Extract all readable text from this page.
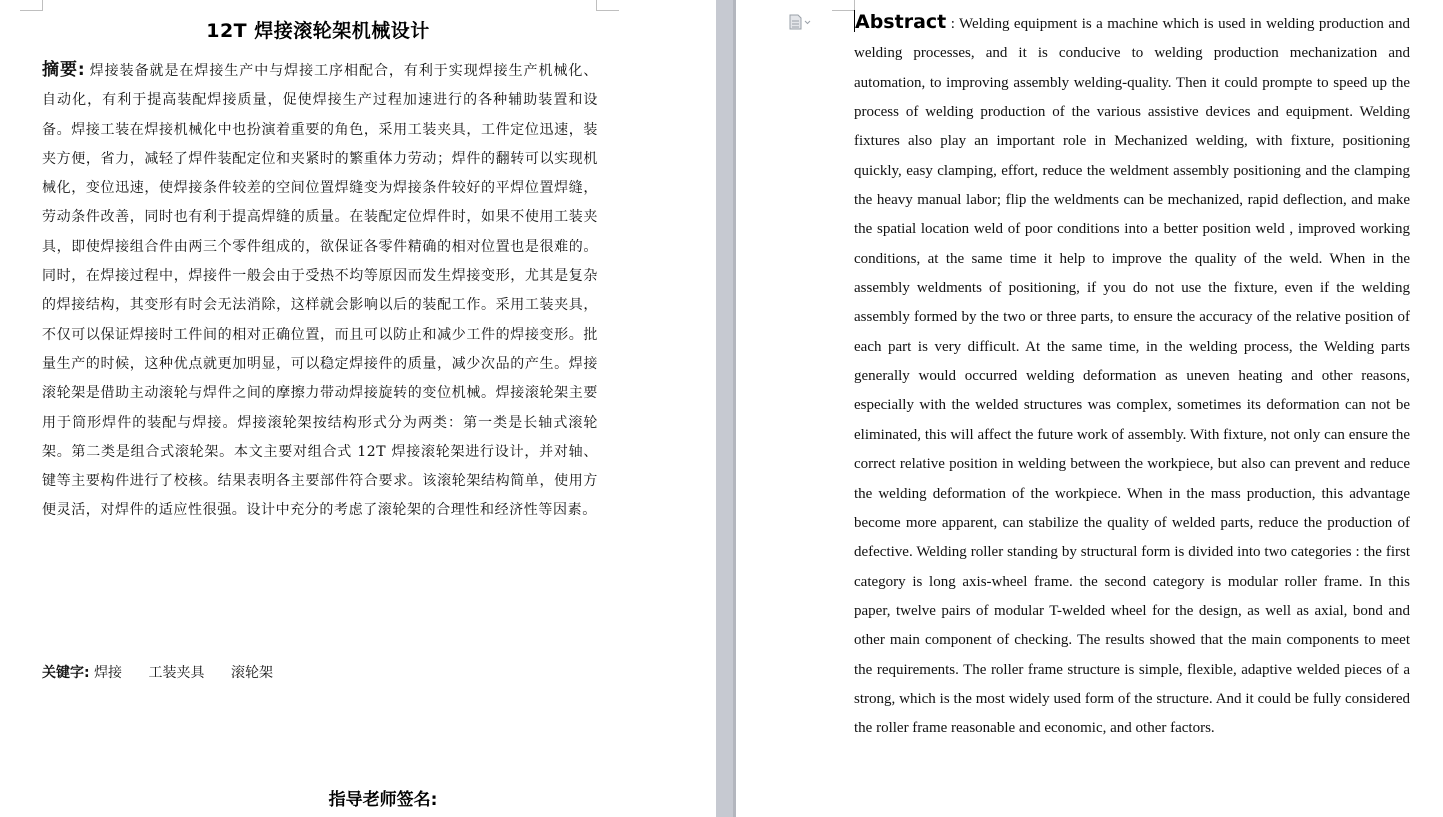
12T 焊接滚轮架机械设计
摘要: 焊接装备就是在焊接生产中与焊接工序相配合，有利于实现焊接生产机械化、自动化，有利于提高装配焊接质量，促使焊接生产过程加速进行的各种辅助装置和设备。焊接工装在焊接机械化中也扮演着重要的角色，采用工装夹具，工件定位迅速，装夹方便，省力，减轻了焊件装配定位和夹紧时的繁重体力劳动；焊件的翻转可以实现机械化，变位迅速，使焊接条件较差的空间位置焊缝变为焊接条件较好的平焊位置焊缝，劳动条件改善，同时也有利于提高焊缝的质量。在装配定位焊件时，如果不使用工装夹具，即使焊接组合件由两三个零件组成的，欲保证各零件精确的相对位置也是很难的。同时，在焊接过程中，焊接件一般会由于受热不均等原因而发生焊接变形，尤其是复杂的焊接结构，其变形有时会无法消除，这样就会影响以后的装配工作。采用工装夹具，不仅可以保证焊接时工件间的相对正确位置，而且可以防止和减少工件的焊接变形。批量生产的时候，这种优点就更加明显，可以稳定焊接件的质量，减少次品的产生。焊接滚轮架是借助主动滚轮与焊件之间的摩擦力带动焊接旋转的变位机械。焊接滚轮架主要用于筒形焊件的装配与焊接。焊接滚轮架按结构形式分为两类：第一类是长轴式滚轮架。第二类是组合式滚轮架。本文主要对组合式 12T 焊接滚轮架进行设计，并对轴、键等主要构件进行了校核。结果表明各主要部件符合要求。该滚轮架结构简单，使用方便灵活，对焊件的适应性很强。设计中充分的考虑了滚轮架的合理性和经济性等因素。
关键字: 焊接 工装夹具 滚轮架
指导老师签名:
Abstract : Welding equipment is a machine which is used in welding production and welding processes, and it is conducive to welding production mechanization and automation, to improving assembly welding-quality. Then it could prompte to speed up the process of welding production of the various assistive devices and equipment. Welding fixtures also play an important role in Mechanized welding, with fixture, positioning quickly, easy clamping, effort, reduce the weldment assembly positioning and the clamping the heavy manual labor; flip the weldments can be mechanized, rapid deflection, and make the spatial location weld of poor conditions into a better position weld , improved working conditions, at the same time it help to improve the quality of the weld. When in the assembly weldments of positioning, if you do not use the fixture, even if the welding assembly formed by the two or three parts, to ensure the accuracy of the relative position of each part is very difficult. At the same time, in the welding process, the Welding parts generally would occurred welding deformation as uneven heating and other reasons, especially with the welded structures was complex, sometimes its deformation can not be eliminated, this will affect the future work of assembly. With fixture, not only can ensure the correct relative position in welding between the workpiece, but also can prevent and reduce the welding deformation of the workpiece. When in the mass production, this advantage become more apparent, can stabilize the quality of welded parts, reduce the production of defective. Welding roller standing by structural form is divided into two categories : the first category is long axis-wheel frame. the second category is modular roller frame. In this paper, twelve pairs of modular T-welded wheel for the design, as well as axial, bond and other main component of checking. The results showed that the main components to meet the requirements. The roller frame structure is simple, flexible, adaptive welded pieces of a strong, which is the most widely used form of the structure. And it could be fully considered the roller frame reasonable and economic, and other factors.
